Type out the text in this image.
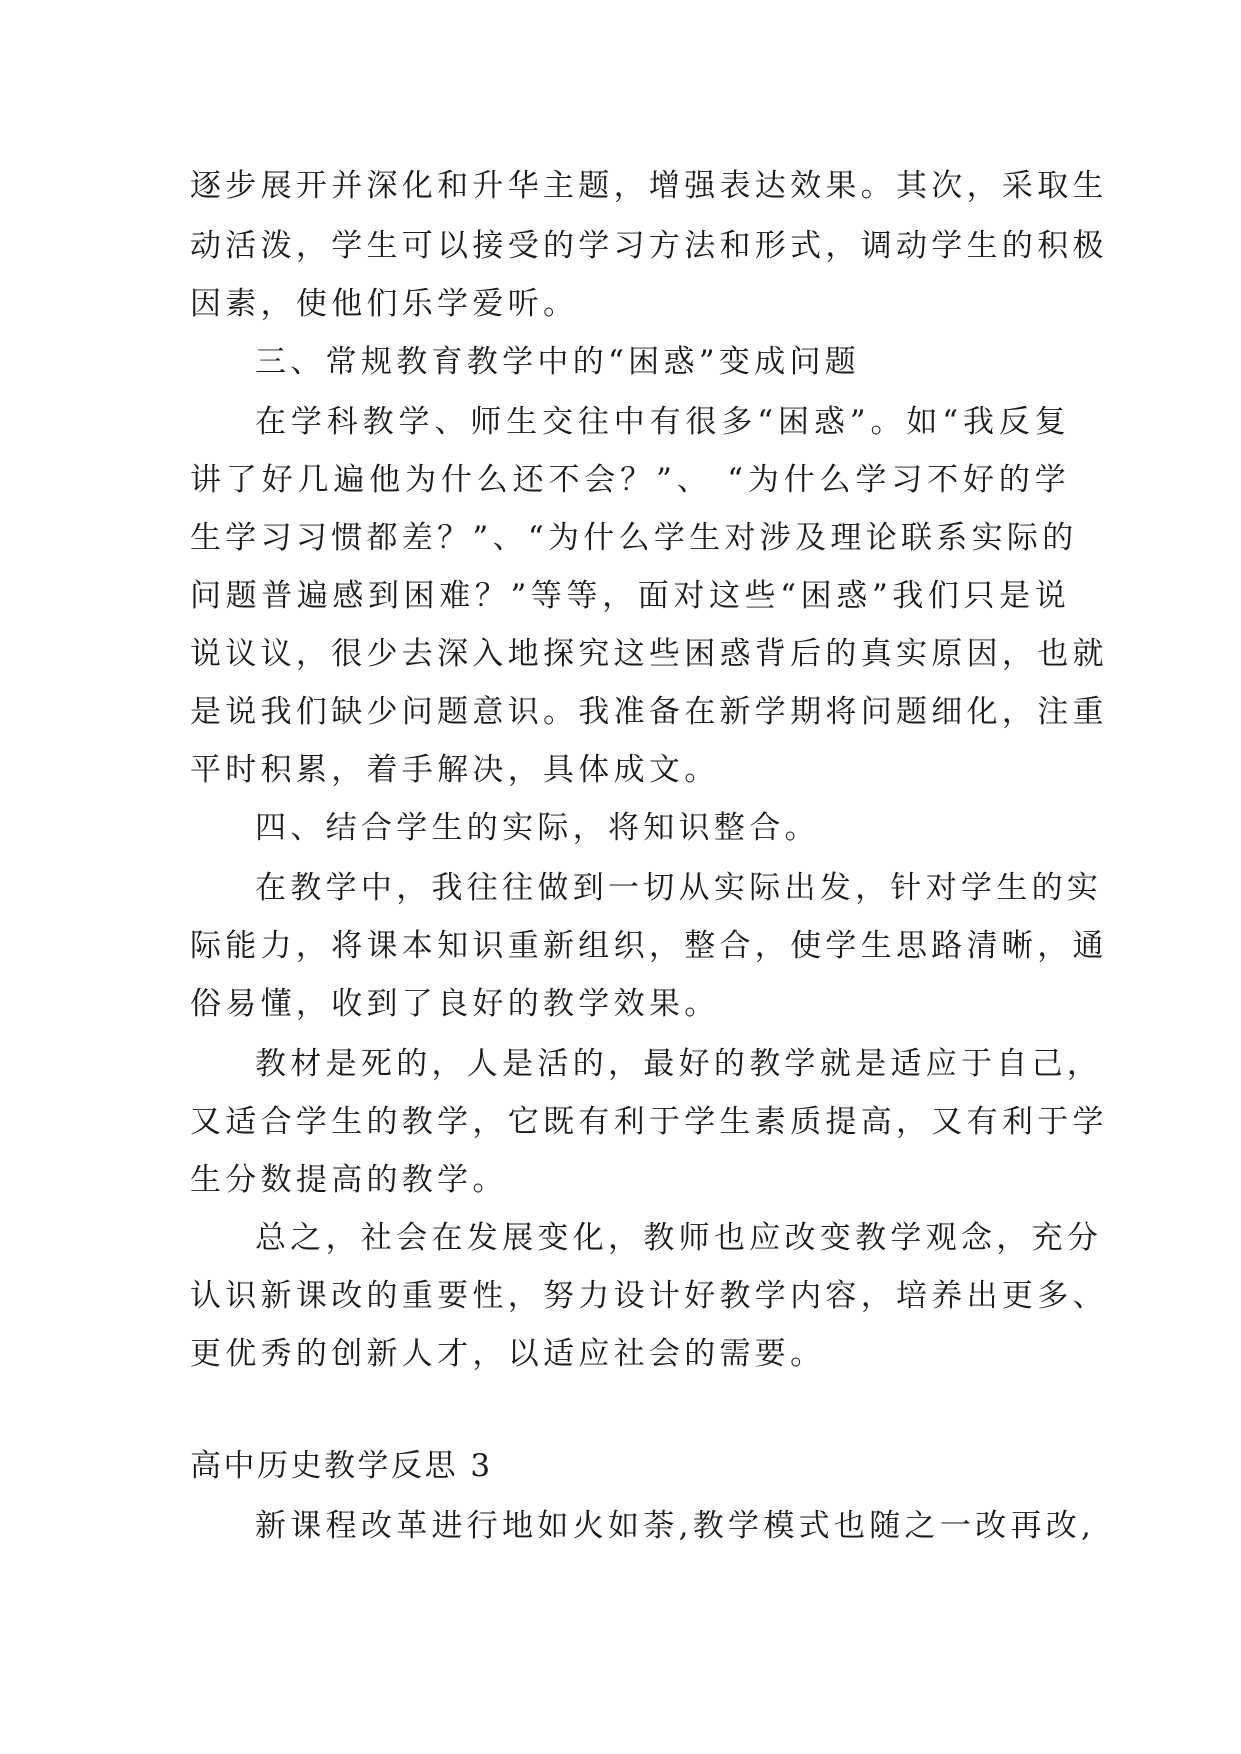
逐步展开并深化和升华主题，增强表达效果。其次，采取生
动活泼，学生可以接受的学习方法和形式，调动学生的积极
因素，使他们乐学爱听。
三、常规教育教学中的“困惑”变成问题
在学科教学、师生交往中有很多“困惑”。如“我反复
讲了好几遍他为什么还不会？”、 “为什么学习不好的学
生学习习惯都差？”、“为什么学生对涉及理论联系实际的
问题普遍感到困难？”等等，面对这些“困惑”我们只是说
说议议，很少去深入地探究这些困惑背后的真实原因，也就
是说我们缺少问题意识。我准备在新学期将问题细化，注重
平时积累，着手解决，具体成文。
四、结合学生的实际，将知识整合。
在教学中，我往往做到一切从实际出发，针对学生的实
际能力，将课本知识重新组织，整合，使学生思路清晰，通
俗易懂，收到了良好的教学效果。
教材是死的，人是活的，最好的教学就是适应于自己，
又适合学生的教学，它既有利于学生素质提高，又有利于学
生分数提高的教学。
总之，社会在发展变化，教师也应改变教学观念，充分
认识新课改的重要性，努力设计好教学内容，培养出更多、
更优秀的创新人才，以适应社会的需要。
高中历史教学反思 3
新课程改革进行地如火如荼,教学模式也随之一改再改,
